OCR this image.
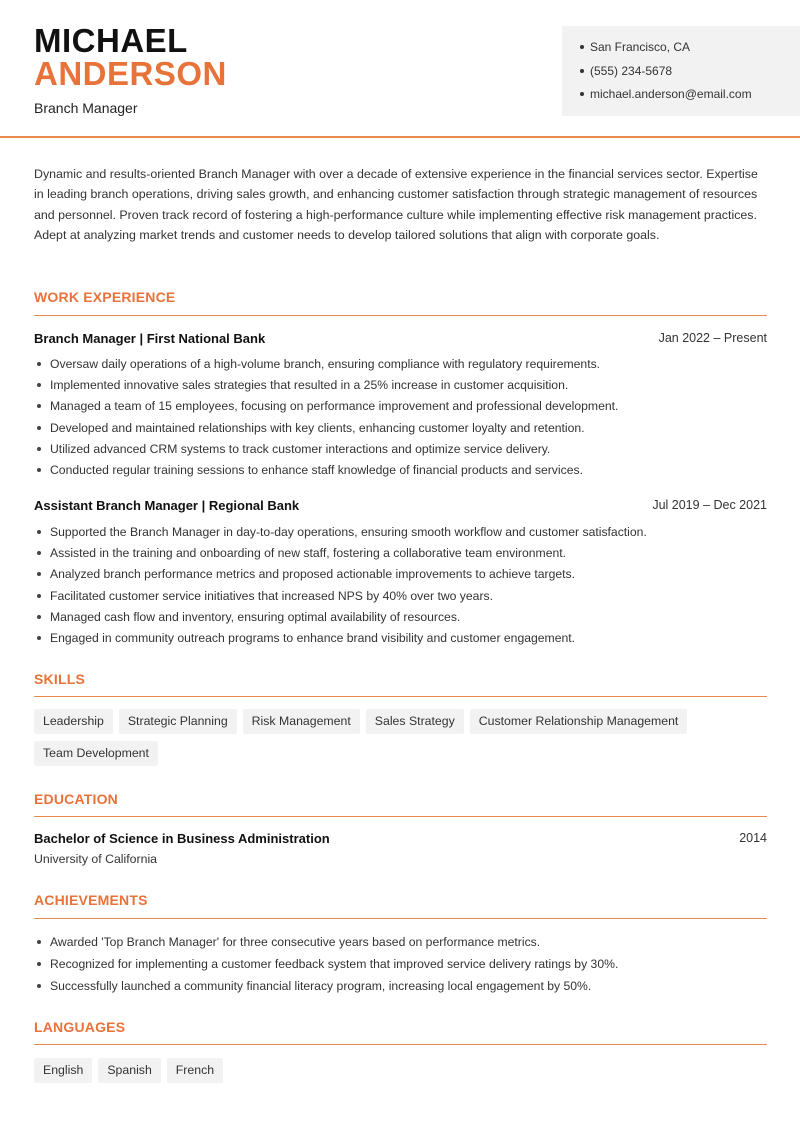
MICHAEL
ANDERSON
Branch Manager
San Francisco, CA
(555) 234-5678
michael.anderson@email.com

Dynamic and results-oriented Branch Manager with over a decade of extensive experience in the financial services sector. Expertise in leading branch operations, driving sales growth, and enhancing customer satisfaction through strategic management of resources and personnel. Proven track record of fostering a high-performance culture while implementing effective risk management practices. Adept at analyzing market trends and customer needs to develop tailored solutions that align with corporate goals.

WORK EXPERIENCE
Branch Manager | First National Bank	Jan 2022 – Present
Oversaw daily operations of a high-volume branch, ensuring compliance with regulatory requirements.
Implemented innovative sales strategies that resulted in a 25% increase in customer acquisition.
Managed a team of 15 employees, focusing on performance improvement and professional development.
Developed and maintained relationships with key clients, enhancing customer loyalty and retention.
Utilized advanced CRM systems to track customer interactions and optimize service delivery.
Conducted regular training sessions to enhance staff knowledge of financial products and services.
Assistant Branch Manager | Regional Bank	Jul 2019 – Dec 2021
Supported the Branch Manager in day-to-day operations, ensuring smooth workflow and customer satisfaction.
Assisted in the training and onboarding of new staff, fostering a collaborative team environment.
Analyzed branch performance metrics and proposed actionable improvements to achieve targets.
Facilitated customer service initiatives that increased NPS by 40% over two years.
Managed cash flow and inventory, ensuring optimal availability of resources.
Engaged in community outreach programs to enhance brand visibility and customer engagement.
SKILLS
Leadership	Strategic Planning	Risk Management	Sales Strategy	Customer Relationship Management
Team Development
EDUCATION
Bachelor of Science in Business Administration	2014
University of California
ACHIEVEMENTS
Awarded 'Top Branch Manager' for three consecutive years based on performance metrics.
Recognized for implementing a customer feedback system that improved service delivery ratings by 30%.
Successfully launched a community financial literacy program, increasing local engagement by 50%.
LANGUAGES
English	Spanish	French
